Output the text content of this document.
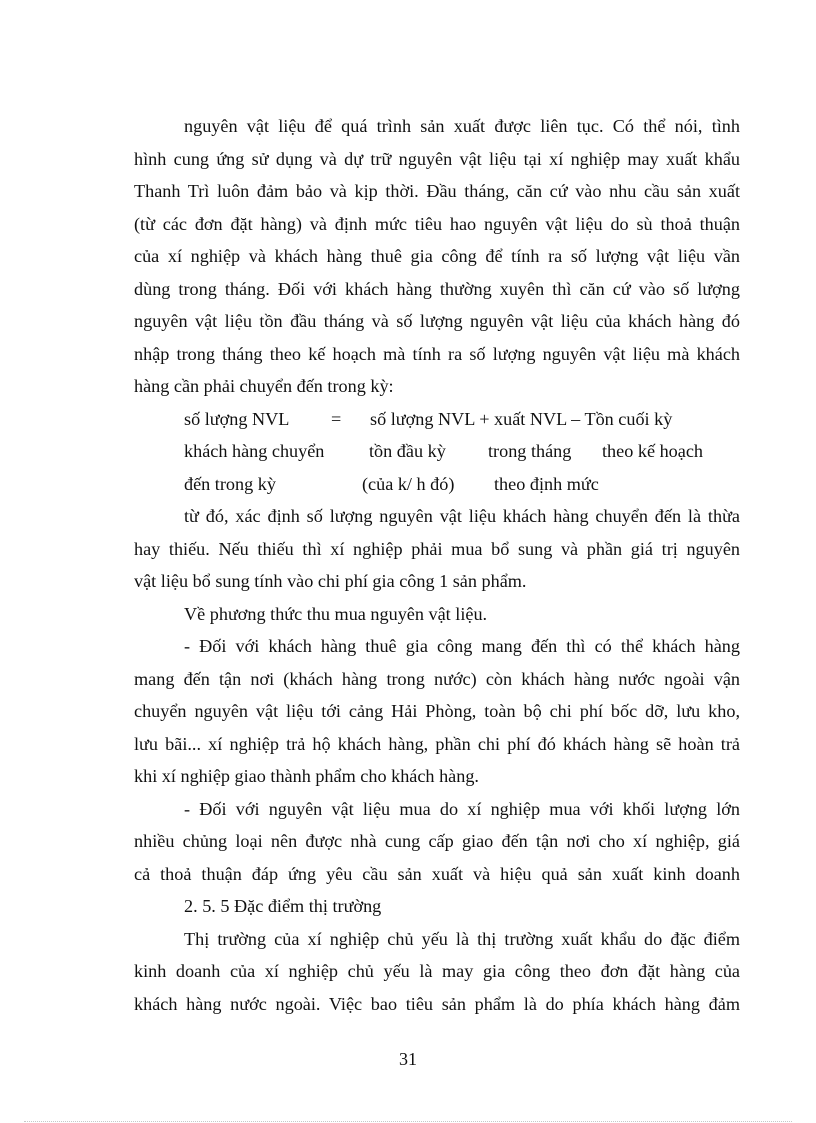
nguyên vật liệu để quá trình sản xuất được liên tục. Có thể nói, tình
hình cung ứng sử dụng và dự trữ nguyên vật liệu tại xí nghiệp may xuất khẩu
Thanh Trì luôn đảm bảo và kịp thời. Đầu tháng, căn cứ vào nhu cầu sản xuất
(từ các đơn đặt hàng) và định mức tiêu hao nguyên vật liệu do sù thoả thuận
của xí nghiệp và khách hàng thuê gia công để tính ra số lượng vật liệu vần
dùng trong tháng. Đối với khách hàng thường xuyên thì căn cứ vào số lượng
nguyên vật liệu tồn đầu tháng và số lượng nguyên vật liệu của khách hàng đó
nhập trong tháng theo kế hoạch mà tính ra số lượng nguyên vật liệu mà khách
hàng cần phải chuyển đến trong kỳ:
số lượng NVL = số lượng NVL + xuất NVL – Tồn cuối kỳ
khách hàng chuyển tồn đầu kỳ trong tháng theo kế hoạch
đến trong kỳ	(của k/ h đó) theo định mức
từ đó, xác định số lượng nguyên vật liệu khách hàng chuyển đến là thừa
hay thiếu. Nếu thiếu thì xí nghiệp phải mua bổ sung và phần giá trị nguyên
vật liệu bổ sung tính vào chi phí gia công 1 sản phẩm.
Về phương thức thu mua nguyên vật liệu.
- Đối với khách hàng thuê gia công mang đến thì có thể khách hàng
mang đến tận nơi (khách hàng trong nước) còn khách hàng nước ngoài vận
chuyển nguyên vật liệu tới cảng Hải Phòng, toàn bộ chi phí bốc dỡ, lưu kho,
lưu bãi... xí nghiệp trả hộ khách hàng, phần chi phí đó khách hàng sẽ hoàn trả
khi xí nghiệp giao thành phẩm cho khách hàng.
- Đối với nguyên vật liệu mua do xí nghiệp mua với khối lượng lớn
nhiều chủng loại nên được nhà cung cấp giao đến tận nơi cho xí nghiệp, giá
cả thoả thuận đáp ứng yêu cầu sản xuất và hiệu quả sản xuất kinh doanh
2. 5. 5 Đặc điểm thị trường
Thị trường của xí nghiệp chủ yếu là thị trường xuất khẩu do đặc điểm
kinh doanh của xí nghiệp chủ yếu là may gia công theo đơn đặt hàng của
khách hàng nước ngoài. Việc bao tiêu sản phẩm là do phía khách hàng đảm
31
